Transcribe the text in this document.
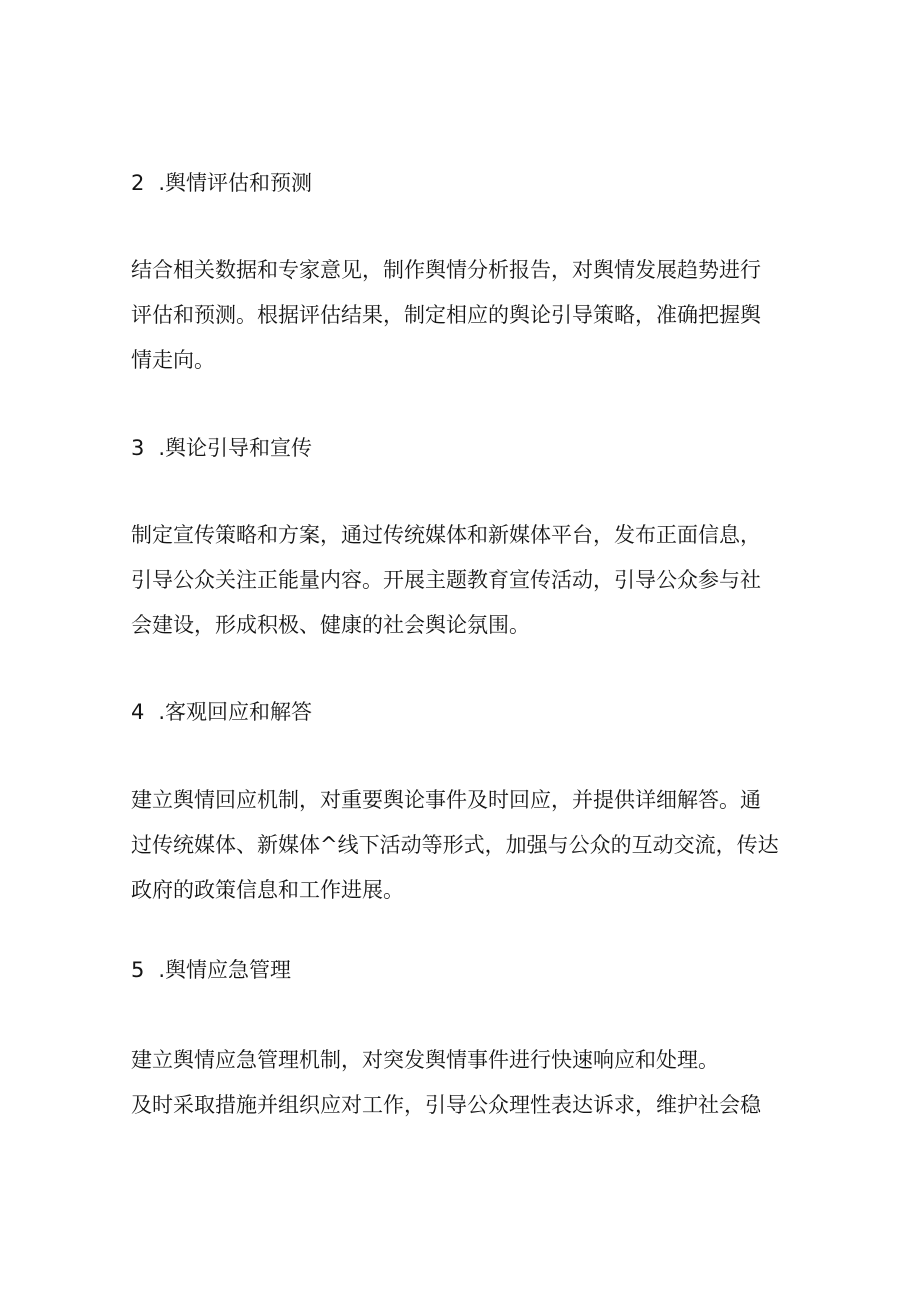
2 .舆情评估和预测
结合相关数据和专家意见，制作舆情分析报告，对舆情发展趋势进行
评估和预测。根据评估结果，制定相应的舆论引导策略，准确把握舆
情走向。
3 .舆论引导和宣传
制定宣传策略和方案，通过传统媒体和新媒体平台，发布正面信息，
引导公众关注正能量内容。开展主题教育宣传活动，引导公众参与社
会建设，形成积极、健康的社会舆论氛围。
4 .客观回应和解答
建立舆情回应机制，对重要舆论事件及时回应，并提供详细解答。通
过传统媒体、新媒体^线下活动等形式，加强与公众的互动交流，传达
政府的政策信息和工作进展。
5 .舆情应急管理
建立舆情应急管理机制，对突发舆情事件进行快速响应和处理。
及时采取措施并组织应对工作，引导公众理性表达诉求，维护社会稳
